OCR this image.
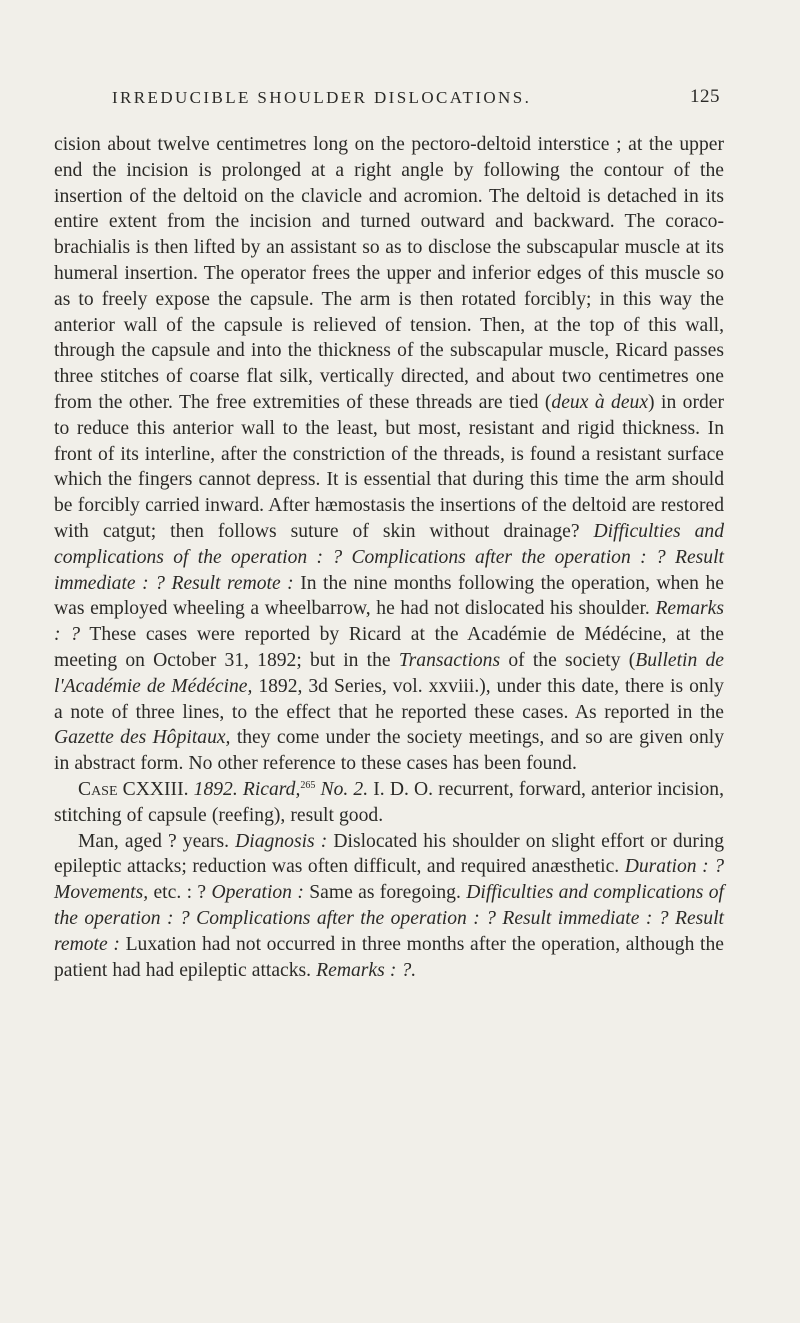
IRREDUCIBLE SHOULDER DISLOCATIONS.	125

cision about twelve centimetres long on the pectoro-deltoid interstice ; at the upper end the incision is prolonged at a right angle by following the contour of the insertion of the deltoid on the clavicle and acromion. The deltoid is detached in its entire extent from the incision and turned outward and backward. The coraco-brachialis is then lifted by an assistant so as to disclose the subscapular muscle at its humeral insertion. The operator frees the upper and inferior edges of this muscle so as to freely expose the capsule. The arm is then rotated forcibly; in this way the anterior wall of the capsule is relieved of tension. Then, at the top of this wall, through the capsule and into the thickness of the subscapular muscle, Ricard passes three stitches of coarse flat silk, vertically directed, and about two centimetres one from the other. The free extremities of these threads are tied (deux à deux) in order to reduce this anterior wall to the least, but most, resistant and rigid thickness. In front of its interline, after the constriction of the threads, is found a resistant surface which the fingers cannot depress. It is essential that during this time the arm should be forcibly carried inward. After hæmostasis the insertions of the deltoid are restored with catgut; then follows suture of skin without drainage? Difficulties and complications of the operation : ? Complications after the operation : ? Result immediate : ? Result remote : In the nine months following the operation, when he was employed wheeling a wheelbarrow, he had not dislocated his shoulder. Remarks : ? These cases were reported by Ricard at the Académie de Médécine, at the meeting on October 31, 1892; but in the Transactions of the society (Bulletin de l'Académie de Médécine, 1892, 3d Series, vol. xxviii.), under this date, there is only a note of three lines, to the effect that he reported these cases. As reported in the Gazette des Hôpitaux, they come under the society meetings, and so are given only in abstract form. No other reference to these cases has been found.

Case CXXIII. 1892. Ricard,$^{265}$ No. 2. I. D. O. recurrent, forward, anterior incision, stitching of capsule (reefing), result good.

Man, aged ? years. Diagnosis : Dislocated his shoulder on slight effort or during epileptic attacks; reduction was often difficult, and required anæsthetic. Duration : ? Movements, etc. : ? Operation : Same as foregoing. Difficulties and complications of the operation : ? Complications after the operation : ? Result immediate : ? Result remote : Luxation had not occurred in three months after the operation, although the patient had had epileptic attacks. Remarks : ?.
